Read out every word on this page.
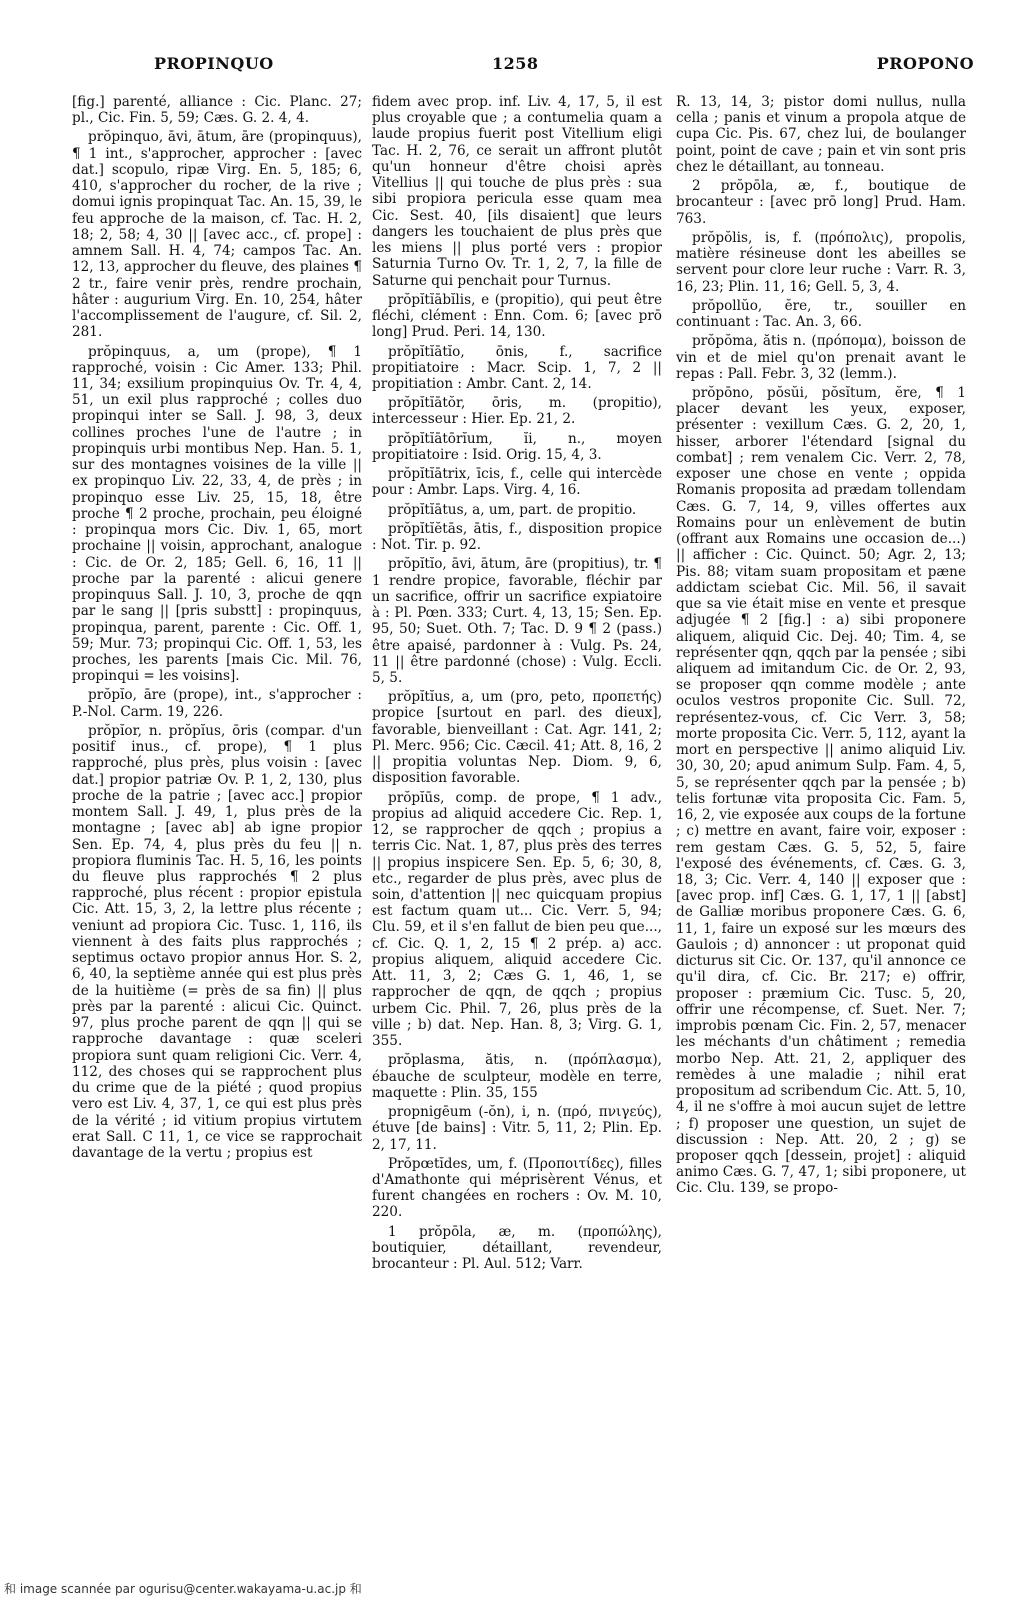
PROPINQUO	1258	PROPONO

[fig.] parenté, alliance : Cic. Planc. 27; pl., Cic. Fin. 5, 59; Cæs. G. 2. 4, 4.

prŏpinquo, āvi, ātum, āre (propinquus), ¶ 1 int., s'approcher, approcher : [avec dat.] scopulo, ripæ Virg. En. 5, 185; 6, 410, s'approcher du rocher, de la rive ; domui ignis propinquat Tac. An. 15, 39, le feu approche de la maison, cf. Tac. H. 2, 18; 2, 58; 4, 30 || [avec acc., cf. prope] : amnem Sall. H. 4, 74; campos Tac. An. 12, 13, approcher du fleuve, des plaines ¶ 2 tr., faire venir près, rendre prochain, hâter : augurium Virg. En. 10, 254, hâter l'accomplissement de l'augure, cf. Sil. 2, 281.

prŏpinquus, a, um (prope), ¶ 1 rapproché, voisin : Cic Amer. 133; Phil. 11, 34; exsilium propinquius Ov. Tr. 4, 4, 51, un exil plus rapproché ; colles duo propinqui inter se Sall. J. 98, 3, deux collines proches l'une de l'autre ; in propinquis urbi montibus Nep. Han. 5. 1, sur des montagnes voisines de la ville || ex propinquo Liv. 22, 33, 4, de près ; in propinquo esse Liv. 25, 15, 18, être proche ¶ 2 proche, prochain, peu éloigné : propinqua mors Cic. Div. 1, 65, mort prochaine || voisin, approchant, analogue : Cic. de Or. 2, 185; Gell. 6, 16, 11 || proche par la parenté : alicui genere propinquus Sall. J. 10, 3, proche de qqn par le sang || [pris substt] : propinquus, propinqua, parent, parente : Cic. Off. 1, 59; Mur. 73; propinqui Cic. Off. 1, 53, les proches, les parents [mais Cic. Mil. 76, propinqui = les voisins].

prŏpĭo, āre (prope), int., s'approcher : P.-Nol. Carm. 19, 226.

prŏpĭor, n. prŏpĭus, ōris (compar. d'un positif inus., cf. prope), ¶ 1 plus rapproché, plus près, plus voisin : [avec dat.] propior patriæ Ov. P. 1, 2, 130, plus proche de la patrie ; [avec acc.] propior montem Sall. J. 49, 1, plus près de la montagne ; [avec ab] ab igne propior Sen. Ep. 74, 4, plus près du feu || n. propiora fluminis Tac. H. 5, 16, les points du fleuve plus rapprochés ¶ 2 plus rapproché, plus récent : propior epistula Cic. Att. 15, 3, 2, la lettre plus récente ; veniunt ad propiora Cic. Tusc. 1, 116, ils viennent à des faits plus rapprochés ; septimus octavo propior annus Hor. S. 2, 6, 40, la septième année qui est plus près de la huitième (= près de sa fin) || plus près par la parenté : alicui Cic. Quinct. 97, plus proche parent de qqn || qui se rapproche davantage : quæ sceleri propiora sunt quam religioni Cic. Verr. 4, 112, des choses qui se rapprochent plus du crime que de la piété ; quod propius vero est Liv. 4, 37, 1, ce qui est plus près de la vérité ; id vitium propius virtutem erat Sall. C 11, 1, ce vice se rapprochait davantage de la vertu ; propius est

fidem avec prop. inf. Liv. 4, 17, 5, il est plus croyable que ; a contumelia quam a laude propius fuerit post Vitellium eligi Tac. H. 2, 76, ce serait un affront plutôt qu'un honneur d'être choisi après Vitellius || qui touche de plus près : sua sibi propiora pericula esse quam mea Cic. Sest. 40, [ils disaient] que leurs dangers les touchaient de plus près que les miens || plus porté vers : propior Saturnia Turno Ov. Tr. 1, 2, 7, la fille de Saturne qui penchait pour Turnus.

prŏpĭtĭābĭlis, e (propitio), qui peut être fléchi, clément : Enn. Com. 6; [avec prō long] Prud. Peri. 14, 130.

prŏpĭtĭātĭo, ōnis, f., sacrifice propitiatoire : Macr. Scip. 1, 7, 2 || propitiation : Ambr. Cant. 2, 14.

prŏpĭtĭātŏr, ōris, m. (propitio), intercesseur : Hier. Ep. 21, 2.

prŏpĭtĭātōrĭum, ĭi, n., moyen propitiatoire : Isid. Orig. 15, 4, 3.

prŏpĭtĭātrix, īcis, f., celle qui intercède pour : Ambr. Laps. Virg. 4, 16.

prŏpĭtĭātus, a, um, part. de propitio.

prŏpĭtĭĕtās, ātis, f., disposition propice : Not. Tir. p. 92.

prŏpĭtĭo, āvi, ātum, āre (propitius), tr. ¶ 1 rendre propice, favorable, fléchir par un sacrifice, offrir un sacrifice expiatoire à : Pl. Pœn. 333; Curt. 4, 13, 15; Sen. Ep. 95, 50; Suet. Oth. 7; Tac. D. 9 ¶ 2 (pass.) être apaisé, pardonner à : Vulg. Ps. 24, 11 || être pardonné (chose) : Vulg. Eccli. 5, 5.

prŏpĭtĭus, a, um (pro, peto, προπετής) propice [surtout en parl. des dieux], favorable, bienveillant : Cat. Agr. 141, 2; Pl. Merc. 956; Cic. Cæcil. 41; Att. 8, 16, 2 || propitia voluntas Nep. Diom. 9, 6, disposition favorable.

prŏpĭūs, comp. de prope, ¶ 1 adv., propius ad aliquid accedere Cic. Rep. 1, 12, se rapprocher de qqch ; propius a terris Cic. Nat. 1, 87, plus près des terres || propius inspicere Sen. Ep. 5, 6; 30, 8, etc., regarder de plus près, avec plus de soin, d'attention || nec quicquam propius est factum quam ut... Cic. Verr. 5, 94; Clu. 59, et il s'en fallut de bien peu que..., cf. Cic. Q. 1, 2, 15 ¶ 2 prép. a) acc. propius aliquem, aliquid accedere Cic. Att. 11, 3, 2; Cæs G. 1, 46, 1, se rapprocher de qqn, de qqch ; propius urbem Cic. Phil. 7, 26, plus près de la ville ; b) dat. Nep. Han. 8, 3; Virg. G. 1, 355.

prŏplasma, ătis, n. (πρόπλασμα), ébauche de sculpteur, modèle en terre, maquette : Plin. 35, 155

propnigēum (-ŏn), i, n. (πρό, πνιγεύς), étuve [de bains] : Vitr. 5, 11, 2; Plin. Ep. 2, 17, 11.

Prŏpœtĭdes, um, f. (Προποιτίδες), filles d'Amathonte qui méprisèrent Vénus, et furent changées en rochers : Ov. M. 10, 220.

1 prŏpōla, æ, m. (προπώλης), boutiquier, détaillant, revendeur, brocanteur : Pl. Aul. 512; Varr.

R. 13, 14, 3; pistor domi nullus, nulla cella ; panis et vinum a propola atque de cupa Cic. Pis. 67, chez lui, de boulanger point, point de cave ; pain et vin sont pris chez le détaillant, au tonneau.

2 prŏpōla, æ, f., boutique de brocanteur : [avec prō long] Prud. Ham. 763.

prŏpŏlis, is, f. (πρόπολις), propolis, matière résineuse dont les abeilles se servent pour clore leur ruche : Varr. R. 3, 16, 23; Plin. 11, 16; Gell. 5, 3, 4.

prŏpollŭo, ĕre, tr., souiller en continuant : Tac. An. 3, 66.

prŏpŏma, ătis n. (πρόπομα), boisson de vin et de miel qu'on prenait avant le repas : Pall. Febr. 3, 32 (lemm.).

prŏpōno, pŏsŭi, pŏsĭtum, ĕre, ¶ 1 placer devant les yeux, exposer, présenter : vexillum Cæs. G. 2, 20, 1, hisser, arborer l'étendard [signal du combat] ; rem venalem Cic. Verr. 2, 78, exposer une chose en vente ; oppida Romanis proposita ad prædam tollendam Cæs. G. 7, 14, 9, villes offertes aux Romains pour un enlèvement de butin (offrant aux Romains une occasion de...) || afficher : Cic. Quinct. 50; Agr. 2, 13; Pis. 88; vitam suam propositam et pæne addictam sciebat Cic. Mil. 56, il savait que sa vie était mise en vente et presque adjugée ¶ 2 [fig.] : a) sibi proponere aliquem, aliquid Cic. Dej. 40; Tim. 4, se représenter qqn, qqch par la pensée ; sibi aliquem ad imitandum Cic. de Or. 2, 93, se proposer qqn comme modèle ; ante oculos vestros proponite Cic. Sull. 72, représentez-vous, cf. Cic Verr. 3, 58; morte proposita Cic. Verr. 5, 112, ayant la mort en perspective || animo aliquid Liv. 30, 30, 20; apud animum Sulp. Fam. 4, 5, 5, se représenter qqch par la pensée ; b) telis fortunæ vita proposita Cic. Fam. 5, 16, 2, vie exposée aux coups de la fortune ; c) mettre en avant, faire voir, exposer : rem gestam Cæs. G. 5, 52, 5, faire l'exposé des événements, cf. Cæs. G. 3, 18, 3; Cic. Verr. 4, 140 || exposer que : [avec prop. inf] Cæs. G. 1, 17, 1 || [abst] de Galliæ moribus proponere Cæs. G. 6, 11, 1, faire un exposé sur les mœurs des Gaulois ; d) annoncer : ut proponat quid dicturus sit Cic. Or. 137, qu'il annonce ce qu'il dira, cf. Cic. Br. 217; e) offrir, proposer : præmium Cic. Tusc. 5, 20, offrir une récompense, cf. Suet. Ner. 7; improbis pœnam Cic. Fin. 2, 57, menacer les méchants d'un châtiment ; remedia morbo Nep. Att. 21, 2, appliquer des remèdes à une maladie ; nihil erat propositum ad scribendum Cic. Att. 5, 10, 4, il ne s'offre à moi aucun sujet de lettre ; f) proposer une question, un sujet de discussion : Nep. Att. 20, 2 ; g) se proposer qqch [dessein, projet] : aliquid animo Cæs. G. 7, 47, 1; sibi proponere, ut Cic. Clu. 139, se propo-

和 image scannée par ogurisu@center.wakayama-u.ac.jp 和
